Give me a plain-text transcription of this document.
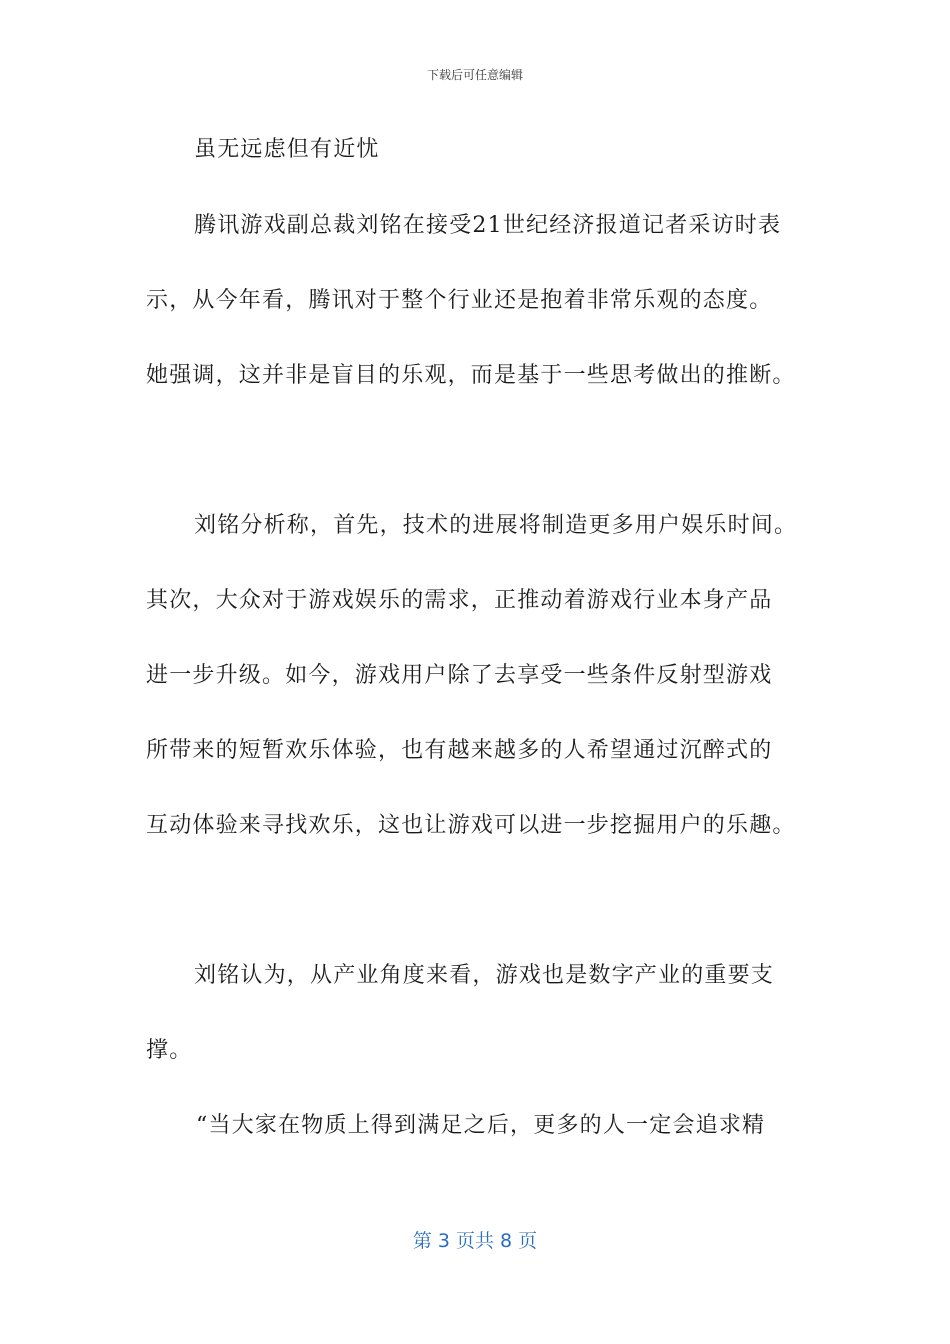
下载后可任意编辑
虽无远虑但有近忧
腾讯游戏副总裁刘铭在接受21世纪经济报道记者采访时表
示，从今年看，腾讯对于整个行业还是抱着非常乐观的态度。
她强调，这并非是盲目的乐观，而是基于一些思考做出的推断。
刘铭分析称，首先，技术的进展将制造更多用户娱乐时间。
其次，大众对于游戏娱乐的需求，正推动着游戏行业本身产品
进一步升级。如今，游戏用户除了去享受一些条件反射型游戏
所带来的短暂欢乐体验，也有越来越多的人希望通过沉醉式的
互动体验来寻找欢乐，这也让游戏可以进一步挖掘用户的乐趣。
刘铭认为，从产业角度来看，游戏也是数字产业的重要支
撑。
“当大家在物质上得到满足之后，更多的人一定会追求精
第 3 页共 8 页
